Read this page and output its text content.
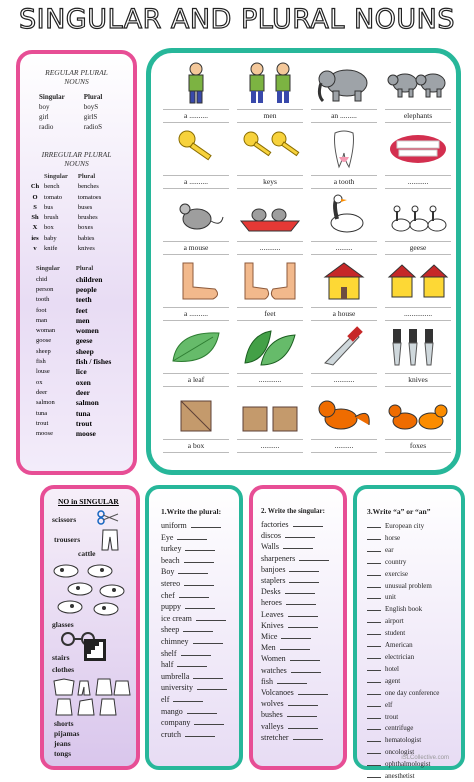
SINGULAR AND PLURAL NOUNS
REGULAR PLURAL NOUNS
Singular	Plural
boy	boyS
girl	girlS
radio	radioS
IRREGULAR PLURAL NOUNS
	Singular	Plural
Ch	bench	benches
O	tomato	tomatoes
S	bus	buses
Sh	brush	brushes
X	box	boxes
ies	baby	babies
v	knife	knives
Singular	Plural
chid	children
person	people
tooth	teeth
foot	feet
man	men
woman	women
goose	geese
sheep	sheep
fish	fish / fishes
louse	lice
ox	oxen
deer	deer
salmon	salmon
tuna	tuna
trout	trout
moose	moose
a ..........	men	an .........	elephants
a ..........	keys	a tooth	...........
a mouse	...........	.........	geese
a ..........	feet	a house	...............
a leaf	............	...........	knives
a box	..........	..........	foxes
NO in SINGULAR
scissors
trousers
cattle
glasses
stairs
clothes
shorts
pijamas
jeans
tongs
1.Write the plural:
uniform
Eye
turkey
beach
Boy
stereo
chef
puppy
ice cream
sheep
chimney
shelf
half
umbrella
university
elf
mango
company
crutch
2. Write the singular:
factories
discos
Walls
sharpeners
banjoes
staplers
Desks
heroes
Leaves
Knives
Mice
Men
Women
watches
fish
Volcanoes
wolves
bushes
valleys
stretcher
3.Write “a” or “an”
European city
horse
ear
country
exercise
unusual problem
unit
English book
airport
student
American
electrician
hotel
agent
one day conference
elf
trout
centrifuge
hematologist
oncologist
ophthalmologist
anesthetist
iSLCollective.com
